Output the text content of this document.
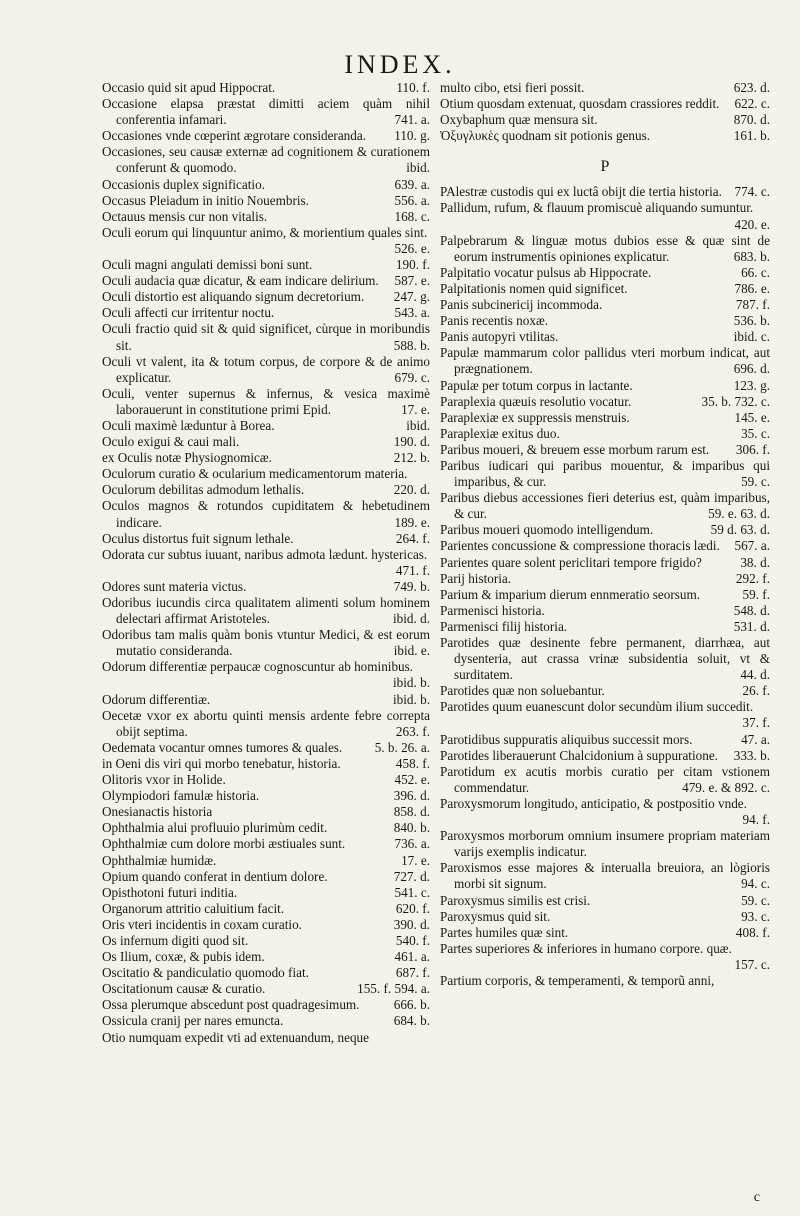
INDEX.
Occasio quid sit apud Hippocrat.	110. f.
Occasione elapsa præstat dimitti aciem quàm nihil conferentia infamari.	741. a.
Occasiones vnde cœperint ægrotare consideranda.	110. g.
Occasiones, seu causæ externæ ad cognitionem & curationem conferunt & quomodo.	ibid.
Occasionis duplex significatio.	639. a.
Occasus Pleiadum in initio Nouembris.	556. a.
Octauus mensis cur non vitalis.	168. c.
Oculi eorum qui linquuntur animo, & morientium quales sint.
526. e.
Oculi magni angulati demissi boni sunt.	190. f.
Oculi audacia quæ dicatur, & eam indicare delirium.	587. e.
Oculi distortio est aliquando signum decretorium.	247. g.
Oculi affecti cur irritentur noctu.	543. a.
Oculi fractio quid sit & quid significet, cùrque in moribundis sit.	588. b.
Oculi vt valent, ita & totum corpus, de corpore & de animo explicatur.	679. c.
Oculi, venter supernus & infernus, & vesica maximè laborauerunt in constitutione primi Epid.	17. e.
Oculi maximè læduntur à Borea.	ibid.
Oculo exigui & caui mali.	190. d.
ex Oculis notæ Physiognomicæ.	212. b.
Oculorum curatio & ocularium medicamentorum materia.
Oculorum debilitas admodum lethalis.	220. d.
Oculos magnos & rotundos cupiditatem & hebetudinem indicare.	189. e.
Oculus distortus fuit signum lethale.	264. f.
Odorata cur subtus iuuant, naribus admota lædunt. hystericas.
471. f.
Odores sunt materia victus.	749. b.
Odoribus iucundis circa qualitatem alimenti solum hominem delectari affirmat Aristoteles.	ibid. d.
Odoribus tam malis quàm bonis vtuntur Medici, & est eorum mutatio consideranda.	ibid. e.
Odorum differentiæ perpaucæ cognoscuntur ab hominibus.
ibid. b.
Odorum differentiæ.	ibid. b.
Oecetæ vxor ex abortu quinti mensis ardente febre correpta obijt septima.	263. f.
Oedemata vocantur omnes tumores & quales.	5. b. 26. a.
in Oeni dis viri qui morbo tenebatur, historia.	458. f.
Olitoris vxor in Holide.	452. e.
Olympiodori famulæ historia.	396. d.
Onesianactis historia	858. d.
Ophthalmia alui profluuio plurimùm cedit.	840. b.
Ophthalmiæ cum dolore morbi æstiuales sunt.	736. a.
Ophthalmiæ humidæ.	17. e.
Opium quando conferat in dentium dolore.	727. d.
Opisthotoni futuri inditia.	541. c.
Organorum attritio caluitium facit.	620. f.
Oris vteri incidentis in coxam curatio.	390. d.
Os infernum digiti quod sit.	540. f.
Os Ilium, coxæ, & pubis idem.	461. a.
Oscitatio & pandiculatio quomodo fiat.	687. f.
Oscitationum causæ & curatio.	155. f. 594. a.
Ossa plerumque abscedunt post quadragesimum.	666. b.
Ossicula cranij per nares emuncta.	684. b.
Otio numquam expedit vti ad extenuandum, neque
multo cibo, etsi fieri possit.	623. d.
Otium quosdam extenuat, quosdam crassiores reddit.	622. c.
Oxybaphum quæ mensura sit.	870. d.
Ὀξυγλυκὲς quodnam sit potionis genus.	161. b.
P
PAlestræ custodis qui ex luctâ obijt die tertia historia. 774. c.
Pallidum, rufum, & flauum promiscuè aliquando sumuntur.
420. e.
Palpebrarum & linguæ motus dubios esse & quæ sint de eorum instrumentis opiniones explicatur.	683. b.
Palpitatio vocatur pulsus ab Hippocrate.	66. c.
Palpitationis nomen quid significet.	786. e.
Panis subcinericij incommoda.	787. f.
Panis recentis noxæ.	536. b.
Panis autopyri vtilitas.	ibid. c.
Papulæ mammarum color pallidus vteri morbum indicat, aut prægnationem.	696. d.
Papulæ per totum corpus in lactante.	123. g.
Paraplexia quæuis resolutio vocatur.	35. b. 732. c.
Paraplexiæ ex suppressis menstruis.	145. e.
Paraplexiæ exitus duo.	35. c.
Paribus moueri, & breuem esse morbum rarum est.	306. f.
Paribus iudicari qui paribus mouentur, & imparibus qui imparibus, & cur.	59. c.
Paribus diebus accessiones fieri deterius est, quàm imparibus, & cur.	59. e. 63. d.
Paribus moueri quomodo intelligendum.	59 d. 63. d.
Parientes concussione & compressione thoracis lædi.	567. a.
Parientes quare solent periclitari tempore frigido?	38. d.
Parij historia.	292. f.
Parium & imparium dierum ennmeratio seorsum.	59. f.
Parmenisci historia.	548. d.
Parmenisci filij historia.	531. d.
Parotides quæ desinente febre permanent, diarrhæa, aut dysenteria, aut crassa vrinæ subsidentia soluit, vt & surditatem.	44. d.
Parotides quæ non soluebantur.	26. f.
Parotides quum euanescunt dolor secundùm ilium succedit.
37. f.
Parotidibus suppuratis aliquibus successit mors.	47. a.
Parotides liberauerunt Chalcidonium à suppuratione.	333. b.
Parotidum ex acutis morbis curatio per citam vstionem commendatur.	479. e. & 892. c.
Paroxysmorum longitudo, anticipatio, & postpositio vnde.
94. f.
Paroxysmos morborum omnium insumere propriam materiam varijs exemplis indicatur.
Paroxismos esse majores & interualla breuiora, an lògioris morbi sit signum.	94. c.
Paroxysmus similis est crisi.	59. c.
Paroxysmus quid sit.	93. c.
Partes humiles quæ sint.	408. f.
Partes superiores & inferiores in humano corpore. quæ.
157. c.
Partium corporis, & temperamenti, & temporũ anni,
c
